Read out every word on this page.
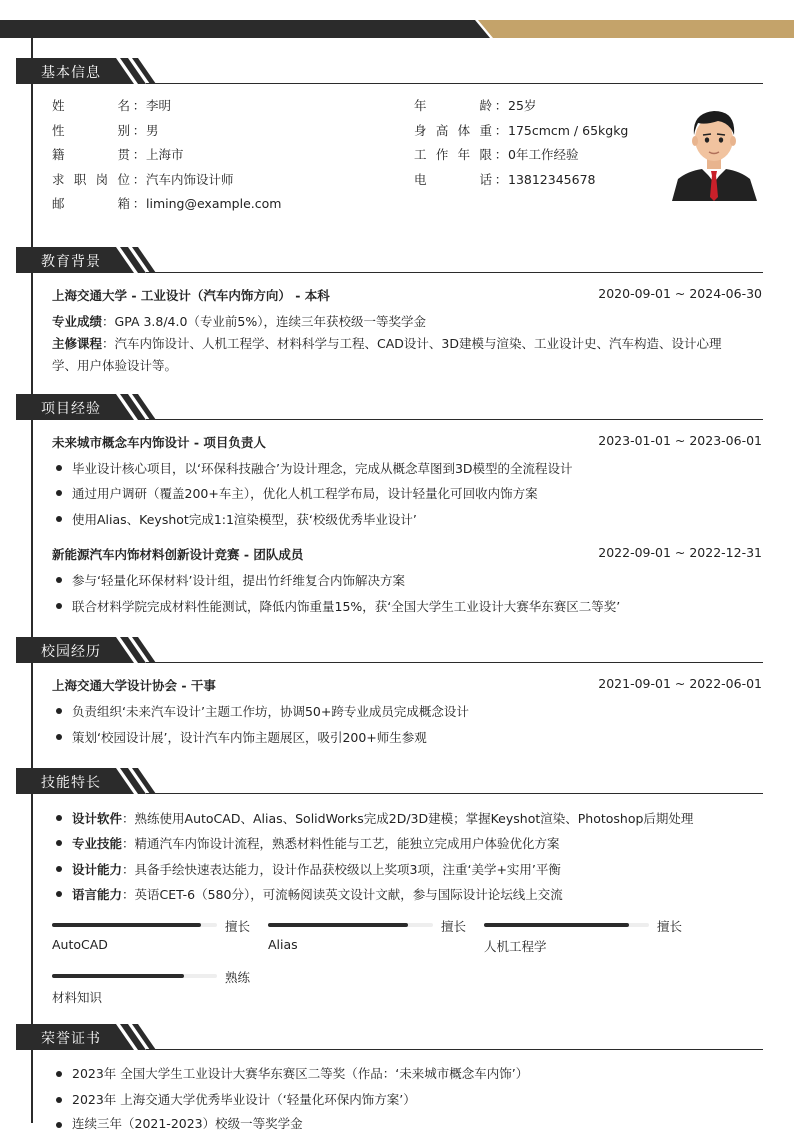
基本信息
姓名 ：李明
性别 ：男
籍贯 ：上海市
求职岗位 ：汽车内饰设计师
邮箱 ：liming@example.com
年龄 ：25岁
身高体重 ：175cmcm / 65kgkg
工作年限 ：0年工作经验
电话 ：13812345678
教育背景
上海交通大学 - 工业设计（汽车内饰方向） - 本科	2020-09-01 ~ 2024-06-30
专业成绩：GPA 3.8/4.0（专业前5%），连续三年获校级一等奖学金
主修课程：汽车内饰设计、人机工程学、材料科学与工程、CAD设计、3D建模与渲染、工业设计史、汽车构造、设计心理
学、用户体验设计等。
项目经验
未来城市概念车内饰设计 - 项目负责人	2023-01-01 ~ 2023-06-01
毕业设计核心项目，以‘环保科技融合’为设计理念，完成从概念草图到3D模型的全流程设计
通过用户调研（覆盖200+车主），优化人机工程学布局，设计轻量化可回收内饰方案
使用Alias、Keyshot完成1:1渲染模型，获‘校级优秀毕业设计’
新能源汽车内饰材料创新设计竞赛 - 团队成员	2022-09-01 ~ 2022-12-31
参与‘轻量化环保材料’设计组，提出竹纤维复合内饰解决方案
联合材料学院完成材料性能测试，降低内饰重量15%，获‘全国大学生工业设计大赛华东赛区二等奖’
校园经历
上海交通大学设计协会 - 干事	2021-09-01 ~ 2022-06-01
负责组织‘未来汽车设计’主题工作坊，协调50+跨专业成员完成概念设计
策划‘校园设计展’，设计汽车内饰主题展区，吸引200+师生参观
技能特长
设计软件：熟练使用AutoCAD、Alias、SolidWorks完成2D/3D建模；掌握Keyshot渲染、Photoshop后期处理
专业技能：精通汽车内饰设计流程，熟悉材料性能与工艺，能独立完成用户体验优化方案
设计能力：具备手绘快速表达能力，设计作品获校级以上奖项3项，注重‘美学+实用’平衡
语言能力：英语CET-6（580分），可流畅阅读英文设计文献，参与国际设计论坛线上交流
擅长
AutoCAD
擅长
Alias
擅长
人机工程学
熟练
材料知识
荣誉证书
2023年 全国大学生工业设计大赛华东赛区二等奖（作品：‘未来城市概念车内饰’）
2023年 上海交通大学优秀毕业设计（‘轻量化环保内饰方案’）
连续三年（2021-2023）校级一等奖学金
